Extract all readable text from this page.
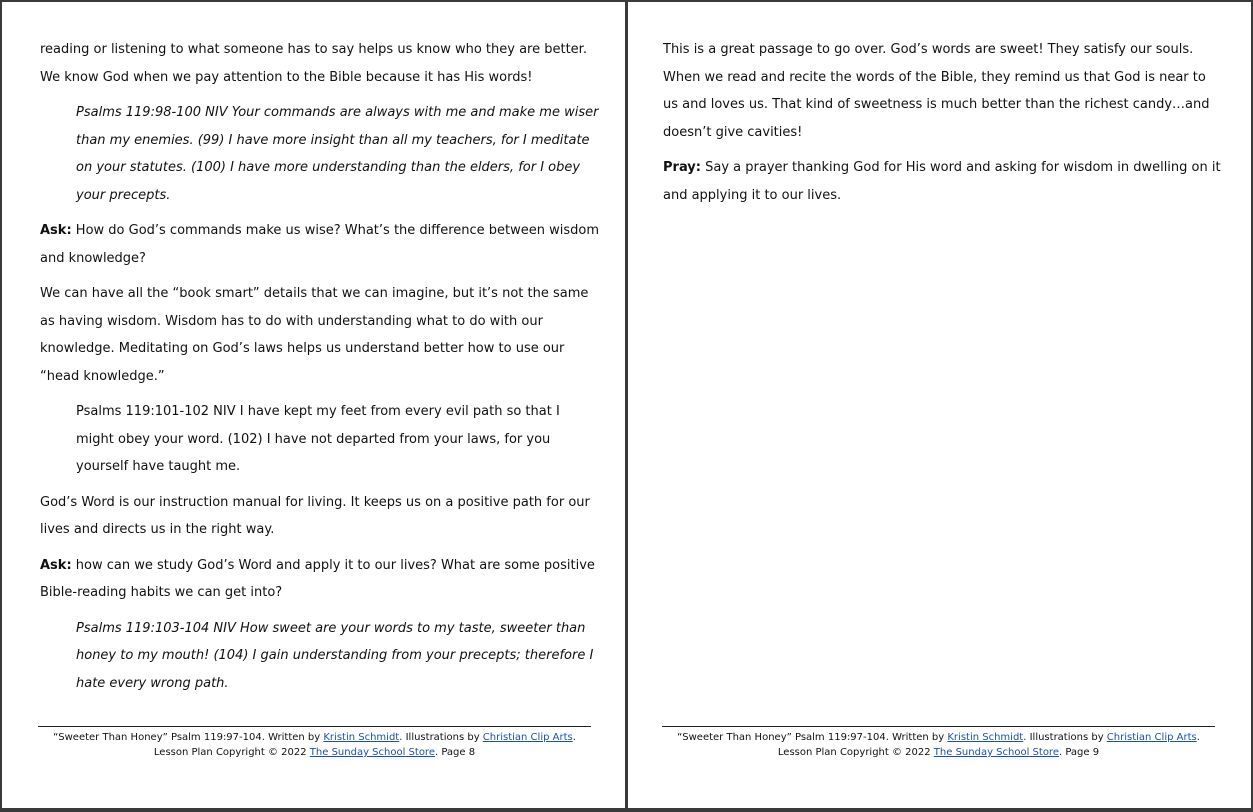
reading or listening to what someone has to say helps us know who they are better. We know God when we pay attention to the Bible because it has His words!

Psalms 119:98-100 NIV Your commands are always with me and make me wiser than my enemies. (99) I have more insight than all my teachers, for I meditate on your statutes. (100) I have more understanding than the elders, for I obey your precepts.

Ask: How do God’s commands make us wise? What’s the difference between wisdom and knowledge?

We can have all the “book smart” details that we can imagine, but it’s not the same as having wisdom. Wisdom has to do with understanding what to do with our knowledge. Meditating on God’s laws helps us understand better how to use our “head knowledge.”

Psalms 119:101-102 NIV I have kept my feet from every evil path so that I might obey your word. (102) I have not departed from your laws, for you yourself have taught me.

God’s Word is our instruction manual for living. It keeps us on a positive path for our lives and directs us in the right way.

Ask: how can we study God’s Word and apply it to our lives? What are some positive Bible-reading habits we can get into?

Psalms 119:103-104 NIV How sweet are your words to my taste, sweeter than honey to my mouth! (104) I gain understanding from your precepts; therefore I hate every wrong path.

“Sweeter Than Honey” Psalm 119:97-104. Written by Kristin Schmidt. Illustrations by Christian Clip Arts.
Lesson Plan Copyright © 2022 The Sunday School Store. Page 8

This is a great passage to go over. God’s words are sweet! They satisfy our souls. When we read and recite the words of the Bible, they remind us that God is near to us and loves us. That kind of sweetness is much better than the richest candy…and doesn’t give cavities!

Pray: Say a prayer thanking God for His word and asking for wisdom in dwelling on it and applying it to our lives.

“Sweeter Than Honey” Psalm 119:97-104. Written by Kristin Schmidt. Illustrations by Christian Clip Arts.
Lesson Plan Copyright © 2022 The Sunday School Store. Page 9
